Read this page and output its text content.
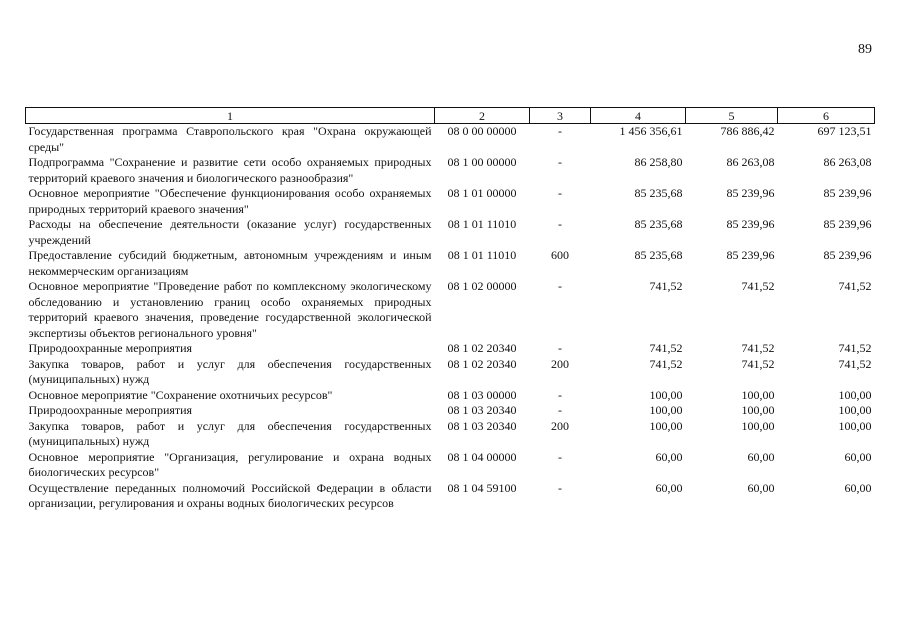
89
1	2	3	4	5	6
Государственная программа Ставропольского края "Охрана окружающей среды"	08 0 00 00000	-	1 456 356,61	786 886,42	697 123,51
Подпрограмма "Сохранение и развитие сети особо охраняемых природных территорий краевого значения и биологического разнообразия"	08 1 00 00000	-	86 258,80	86 263,08	86 263,08
Основное мероприятие "Обеспечение функционирования особо охраняемых природных территорий краевого значения"	08 1 01 00000	-	85 235,68	85 239,96	85 239,96
Расходы на обеспечение деятельности (оказание услуг) государственных учреждений	08 1 01 11010	-	85 235,68	85 239,96	85 239,96
Предоставление субсидий бюджетным, автономным учреждениям и иным некоммерческим организациям	08 1 01 11010	600	85 235,68	85 239,96	85 239,96
Основное мероприятие "Проведение работ по комплексному экологическому обследованию и установлению границ особо охраняемых природных территорий краевого значения, проведение государственной экологической экспертизы объектов регионального уровня"	08 1 02 00000	-	741,52	741,52	741,52
Природоохранные мероприятия	08 1 02 20340	-	741,52	741,52	741,52
Закупка товаров, работ и услуг для обеспечения государственных (муниципальных) нужд	08 1 02 20340	200	741,52	741,52	741,52
Основное мероприятие "Сохранение охотничьих ресурсов"	08 1 03 00000	-	100,00	100,00	100,00
Природоохранные мероприятия	08 1 03 20340	-	100,00	100,00	100,00
Закупка товаров, работ и услуг для обеспечения государственных (муниципальных) нужд	08 1 03 20340	200	100,00	100,00	100,00
Основное мероприятие "Организация, регулирование и охрана водных биологических ресурсов"	08 1 04 00000	-	60,00	60,00	60,00
Осуществление переданных полномочий Российской Федерации в области организации, регулирования и охраны водных биологических ресурсов	08 1 04 59100	-	60,00	60,00	60,00
